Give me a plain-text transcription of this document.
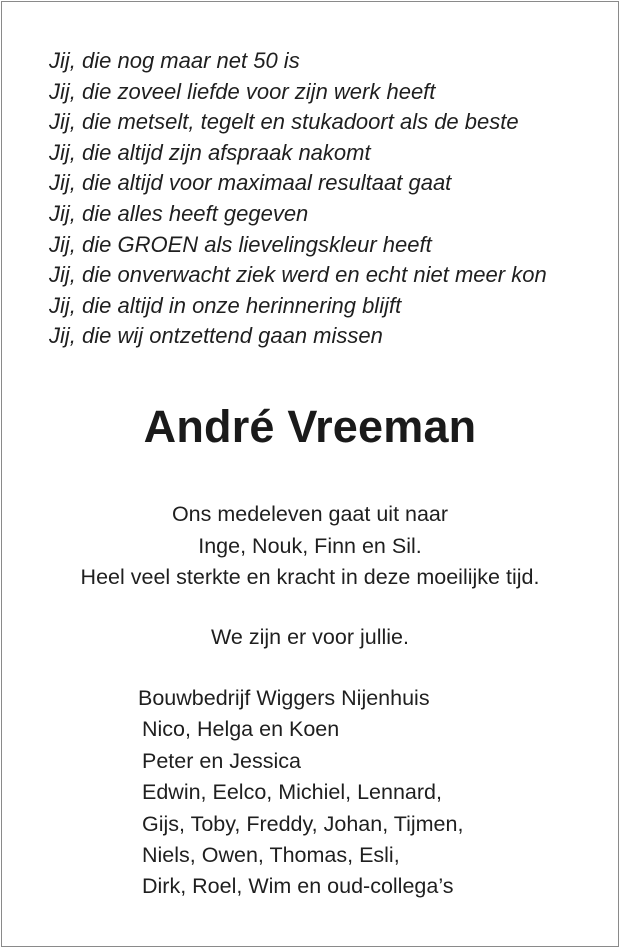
Jij, die nog maar net 50 is
Jij, die zoveel liefde voor zijn werk heeft
Jij, die metselt, tegelt en stukadoort als de beste
Jij, die altijd zijn afspraak nakomt
Jij, die altijd voor maximaal resultaat gaat
Jij, die alles heeft gegeven
Jij, die GROEN als lievelingskleur heeft
Jij, die onverwacht ziek werd en echt niet meer kon
Jij, die altijd in onze herinnering blijft
Jij, die wij ontzettend gaan missen
André Vreeman
Ons medeleven gaat uit naar
Inge, Nouk, Finn en Sil.
Heel veel sterkte en kracht in deze moeilijke tijd.
We zijn er voor jullie.
Bouwbedrijf Wiggers Nijenhuis
Nico, Helga en Koen
Peter en Jessica
Edwin, Eelco, Michiel, Lennard,
Gijs, Toby, Freddy, Johan, Tijmen,
Niels, Owen, Thomas, Esli,
Dirk, Roel, Wim en oud-collega’s
